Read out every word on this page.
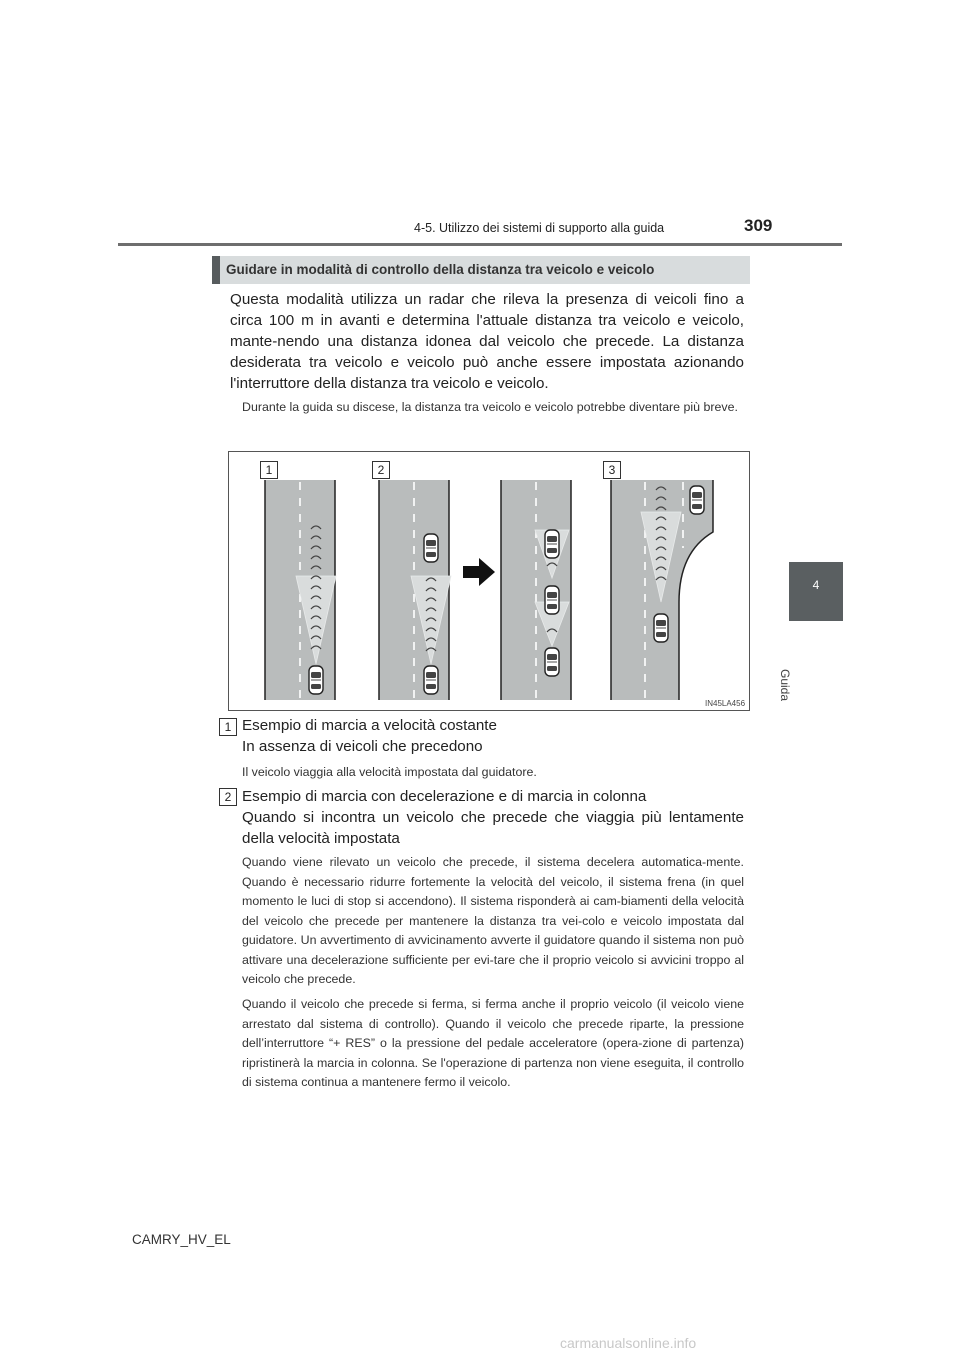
4-5. Utilizzo dei sistemi di supporto alla guida	309
4
Guida
Guidare in modalità di controllo della distanza tra veicolo e veicolo
Questa modalità utilizza un radar che rileva la presenza di veicoli fino a circa 100 m in avanti e determina l'attuale distanza tra veicolo e veicolo, mante-nendo una distanza idonea dal veicolo che precede. La distanza desiderata tra veicolo e veicolo può anche essere impostata azionando l'interruttore della distanza tra veicolo e veicolo.
Durante la guida su discese, la distanza tra veicolo e veicolo potrebbe diventare più breve.
1	2	3
IN45LA456
1 Esempio di marcia a velocità costante
In assenza di veicoli che precedono
Il veicolo viaggia alla velocità impostata dal guidatore.
2 Esempio di marcia con decelerazione e di marcia in colonna
Quando si incontra un veicolo che precede che viaggia più lentamente della velocità impostata
Quando viene rilevato un veicolo che precede, il sistema decelera automatica-mente. Quando è necessario ridurre fortemente la velocità del veicolo, il sistema frena (in quel momento le luci di stop si accendono). Il sistema risponderà ai cam-biamenti della velocità del veicolo che precede per mantenere la distanza tra vei-colo e veicolo impostata dal guidatore. Un avvertimento di avvicinamento avverte il guidatore quando il sistema non può attivare una decelerazione sufficiente per evi-tare che il proprio veicolo si avvicini troppo al veicolo che precede.
Quando il veicolo che precede si ferma, si ferma anche il proprio veicolo (il veicolo viene arrestato dal sistema di controllo). Quando il veicolo che precede riparte, la pressione dell’interruttore “+ RES” o la pressione del pedale acceleratore (opera-zione di partenza) ripristinerà la marcia in colonna. Se l'operazione di partenza non viene eseguita, il controllo di sistema continua a mantenere fermo il veicolo.
CAMRY_HV_EL
carmanualsonline.info
